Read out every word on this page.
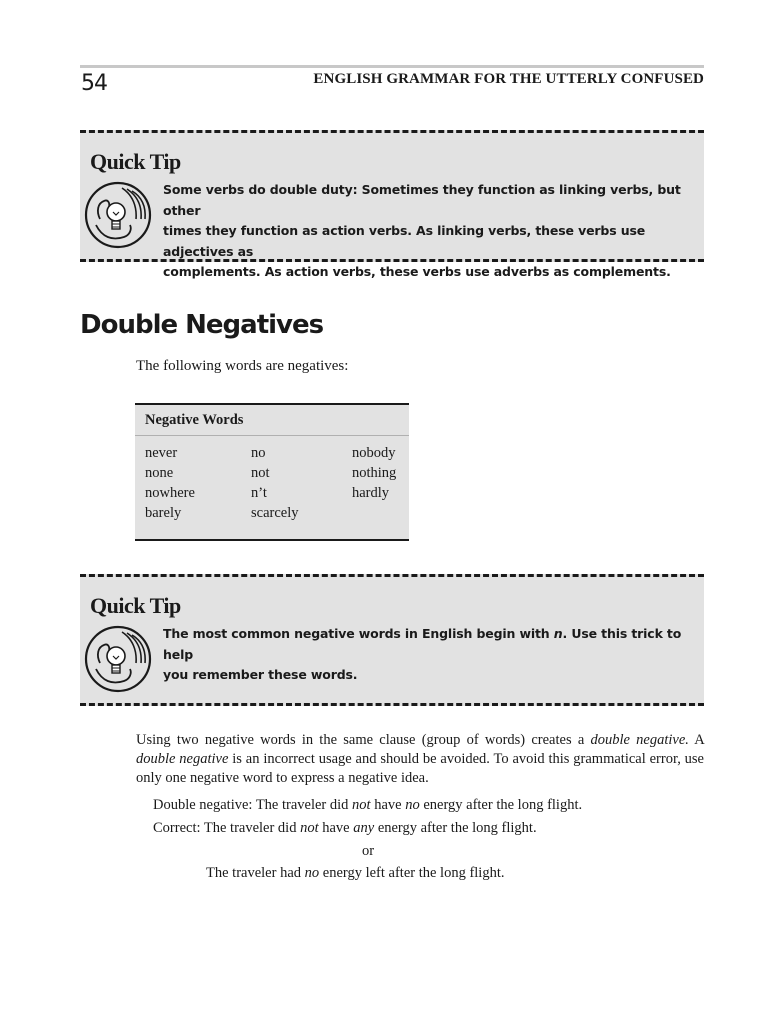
54	ENGLISH GRAMMAR FOR THE UTTERLY CONFUSED
Quick Tip
Some verbs do double duty: Sometimes they function as linking verbs, but other
times they function as action verbs. As linking verbs, these verbs use adjectives as
complements. As action verbs, these verbs use adverbs as complements.
Double Negatives
The following words are negatives:
Negative Words
never	no	nobody
none	not	nothing
nowhere	n’t	hardly
barely	scarcely
Quick Tip
The most common negative words in English begin with n. Use this trick to help
you remember these words.
Using two negative words in the same clause (group of words) creates a double negative. A double negative is an incorrect usage and should be avoided. To avoid this grammatical error, use only one negative word to express a negative idea.
Double negative: The traveler did not have no energy after the long flight.
Correct: The traveler did not have any energy after the long flight.
or
The traveler had no energy left after the long flight.
